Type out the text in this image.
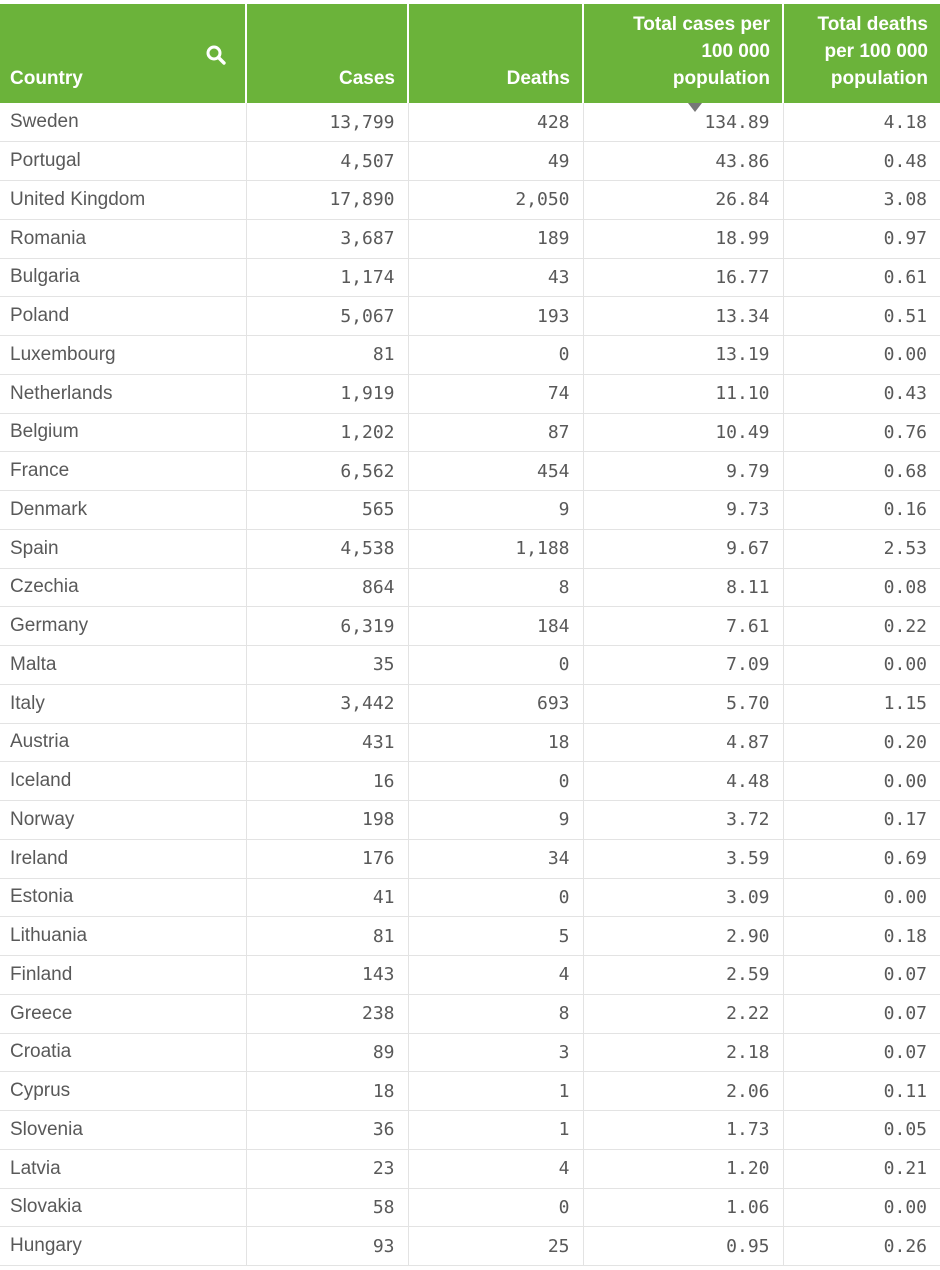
Country	Cases	Deaths	Total cases per
100 000
population	Total deaths
per 100 000
population
Sweden	13,799	428	134.89	4.18
Portugal	4,507	49	43.86	0.48
United Kingdom	17,890	2,050	26.84	3.08
Romania	3,687	189	18.99	0.97
Bulgaria	1,174	43	16.77	0.61
Poland	5,067	193	13.34	0.51
Luxembourg	81	0	13.19	0.00
Netherlands	1,919	74	11.10	0.43
Belgium	1,202	87	10.49	0.76
France	6,562	454	9.79	0.68
Denmark	565	9	9.73	0.16
Spain	4,538	1,188	9.67	2.53
Czechia	864	8	8.11	0.08
Germany	6,319	184	7.61	0.22
Malta	35	0	7.09	0.00
Italy	3,442	693	5.70	1.15
Austria	431	18	4.87	0.20
Iceland	16	0	4.48	0.00
Norway	198	9	3.72	0.17
Ireland	176	34	3.59	0.69
Estonia	41	0	3.09	0.00
Lithuania	81	5	2.90	0.18
Finland	143	4	2.59	0.07
Greece	238	8	2.22	0.07
Croatia	89	3	2.18	0.07
Cyprus	18	1	2.06	0.11
Slovenia	36	1	1.73	0.05
Latvia	23	4	1.20	0.21
Slovakia	58	0	1.06	0.00
Hungary	93	25	0.95	0.26
